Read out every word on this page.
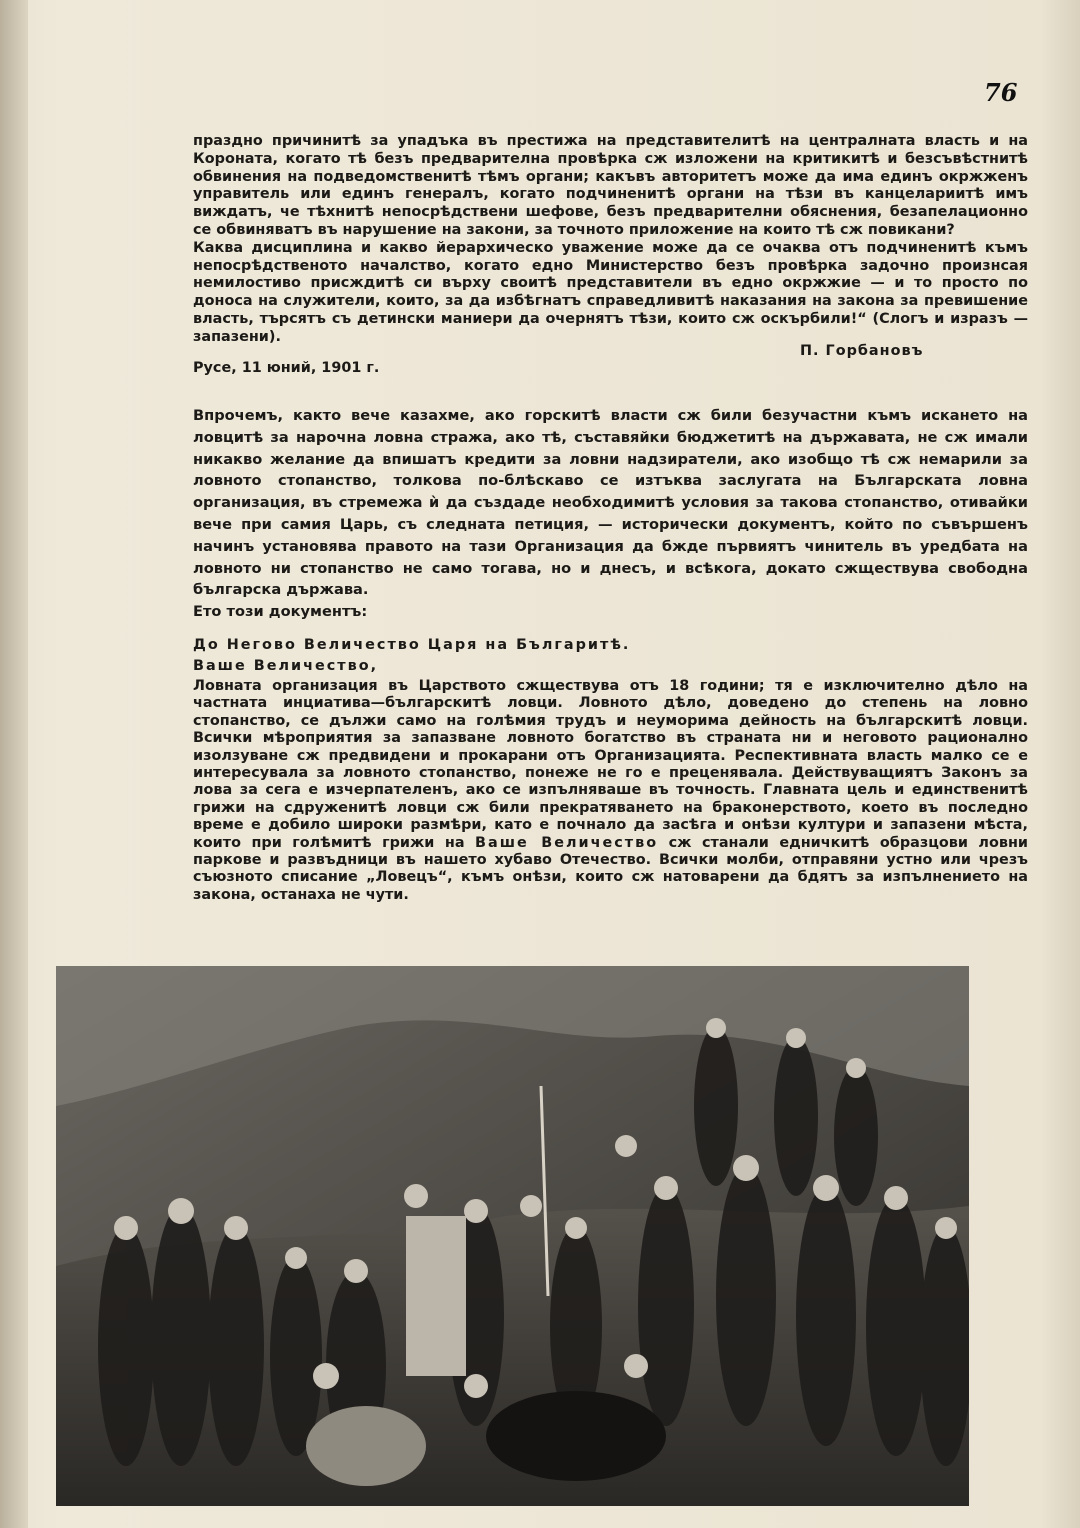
76

праздно причинитѣ за упадъка въ престижа на представителитѣ на централната власть и на Короната, когато тѣ безъ предварителна провѣрка сж изложени на критикитѣ и безсъвѣстнитѣ обвинения на подведомственитѣ тѣмъ органи; какъвъ авторитетъ може да има единъ окржженъ управитель или единъ генералъ, когато подчиненитѣ органи на тѣзи въ канцелариитѣ имъ виждатъ, че тѣхнитѣ непосрѣдствени шефове, безъ предварителни обяснения, безапелационно се обвиняватъ въ нарушение на закони, за точното приложение на които тѣ сж повикани?

Каква дисциплина и какво йерархическо уважение може да се очаква отъ подчиненитѣ къмъ непосрѣдственото началство, когато едно Министерство безъ провѣрка задочно произнсая немилостиво присждитѣ си върху своитѣ представители въ едно окржжие — и то просто по доноса на служители, които, за да избѣгнатъ справедливитѣ наказания на закона за превишение власть, търсятъ съ детински маниери да очернятъ тѣзи, които сж оскърбили!“ (Слогъ и изразъ — запазени).

П. Горбановъ
Русе, 11 юний, 1901 г.

Впрочемъ, както вече казахме, ако горскитѣ власти сж били безучастни къмъ искането на ловцитѣ за нарочна ловна стража, ако тѣ, съставяйки бюджетитѣ на държавата, не сж имали никакво желание да впишатъ кредити за ловни надзиратели, ако изобщо тѣ сж немарили за ловното стопанство, толкова по-блѣскаво се изтъква заслугата на Българската ловна организация, въ стремежа ѝ да създаде необходимитѣ условия за такова стопанство, отивайки вече при самия Царь, съ следната петиция, — исторически документъ, който по съвършенъ начинъ установява правото на тази Организация да бжде първиятъ чинитель въ уредбата на ловното ни стопанство не само тогава, но и днесъ, и всѣкога, докато сжществува свободна българска държава.

Ето този документъ:

До Негово Величество Царя на Българитѣ.
Ваше Величество,

Ловната организация въ Царството сжществува отъ 18 години; тя е изключително дѣло на частната инциатива—българскитѣ ловци. Ловното дѣло, доведено до степень на ловно стопанство, се дължи само на голѣмия трудъ и неуморима дейность на българскитѣ ловци. Всички мѣроприятия за запазване ловното богатство въ страната ни и неговото рационално изолзуване сж предвидени и прокарани отъ Организацията. Респективната власть малко се е интересувала за ловното стопанство, понеже не го е преценявала. Действуващиятъ Законъ за лова за сега е изчерпателенъ, ако се изпълняваше въ точность. Главната цель и единственитѣ грижи на сдруженитѣ ловци сж били прекратяването на браконерството, което въ последно време е добило широки размѣри, като е почнало да засѣга и онѣзи култури и запазени мѣста, които при голѣмитѣ грижи на Ваше Величество сж станали едничкитѣ образцови ловни паркове и развъдници въ нашето хубаво Отечество. Всички молби, отправяни устно или чрезъ съюзното списание „Ловецъ“, къмъ онѣзи, които сж натоварени да бдятъ за изпълнението на закона, останаха не чути.
